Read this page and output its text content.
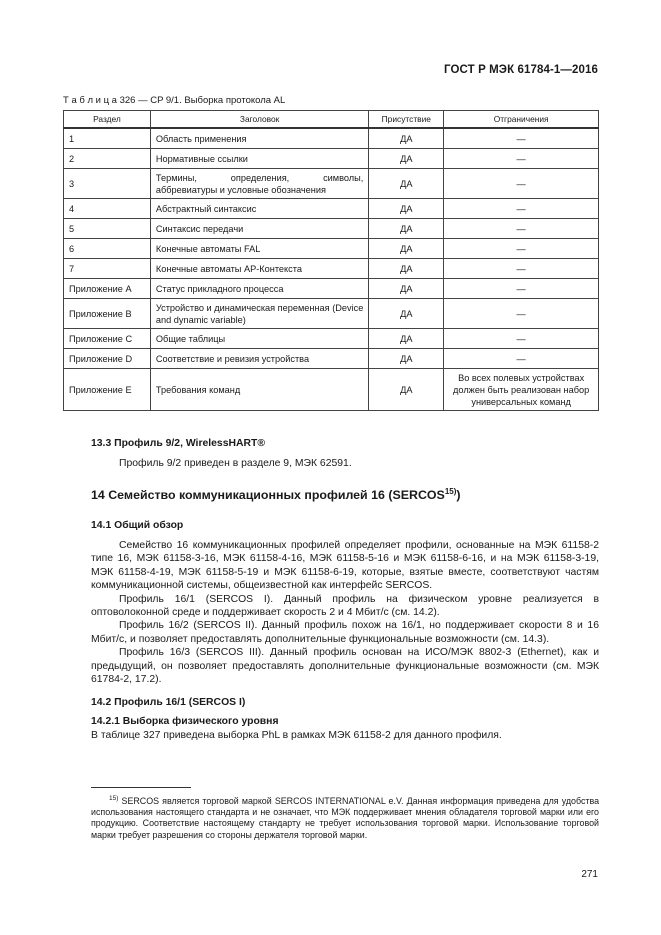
ГОСТ Р МЭК 61784-1—2016
Т а б л и ц а 326 — CP 9/1. Выборка протокола AL
Раздел	Заголовок	Присутствие	Отграничения
1	Область применения	ДА	—
2	Нормативные ссылки	ДА	—
3	Термины, определения, символы, аббревиатуры и условные обозначения	ДА	—
4	Абстрактный синтаксис	ДА	—
5	Синтаксис передачи	ДА	—
6	Конечные автоматы FAL	ДА	—
7	Конечные автоматы AP-Контекста	ДА	—
Приложение A	Статус прикладного процесса	ДА	—
Приложение B	Устройство и динамическая переменная (Device and dynamic variable)	ДА	—
Приложение C	Общие таблицы	ДА	—
Приложение D	Соответствие и ревизия устройства	ДА	—
Приложение E	Требования команд	ДА	Во всех полевых устройствах должен быть реализован набор универсальных команд
13.3 Профиль 9/2, WirelessHART®

Профиль 9/2 приведен в разделе 9, МЭК 62591.

14 Семейство коммуникационных профилей 16 (SERCOS$^{15)}$)
14.1 Общий обзор

Семейство 16 коммуникационных профилей определяет профили, основанные на МЭК 61158-2 типе 16, МЭК 61158-3-16, МЭК 61158-4-16, МЭК 61158-5-16 и МЭК 61158-6-16, и на МЭК 61158-3-19, МЭК 61158-4-19, МЭК 61158-5-19 и МЭК 61158-6-19, которые, взятые вместе, соответствуют частям коммуникационной системы, общеизвестной как интерфейс SERCOS.

Профиль 16/1 (SERCOS I). Данный профиль на физическом уровне реализуется в оптоволоконной среде и поддерживает скорость 2 и 4 Мбит/с (см. 14.2).

Профиль 16/2 (SERCOS II). Данный профиль похож на 16/1, но поддерживает скорости 8 и 16 Мбит/с, и позволяет предоставлять дополнительные функциональные возможности (см. 14.3).

Профиль 16/3 (SERCOS III). Данный профиль основан на ИСО/МЭК 8802-3 (Ethernet), как и предыдущий, он позволяет предоставлять дополнительные функциональные возможности (см. МЭК 61784-2, 17.2).

14.2 Профиль 16/1 (SERCOS I)
14.2.1 Выборка физического уровня

В таблице 327 приведена выборка PhL в рамках МЭК 61158-2 для данного профиля.

$^{15)}$ SERCOS является торговой маркой SERCOS INTERNATIONAL e.V. Данная информация приведена для удобства использования настоящего стандарта и не означает, что МЭК поддерживает мнения обладателя торговой марки или его продукцию. Соответствие настоящему стандарту не требует использования торговой марки. Использование торговой марки требует разрешения со стороны держателя торговой марки.
271
